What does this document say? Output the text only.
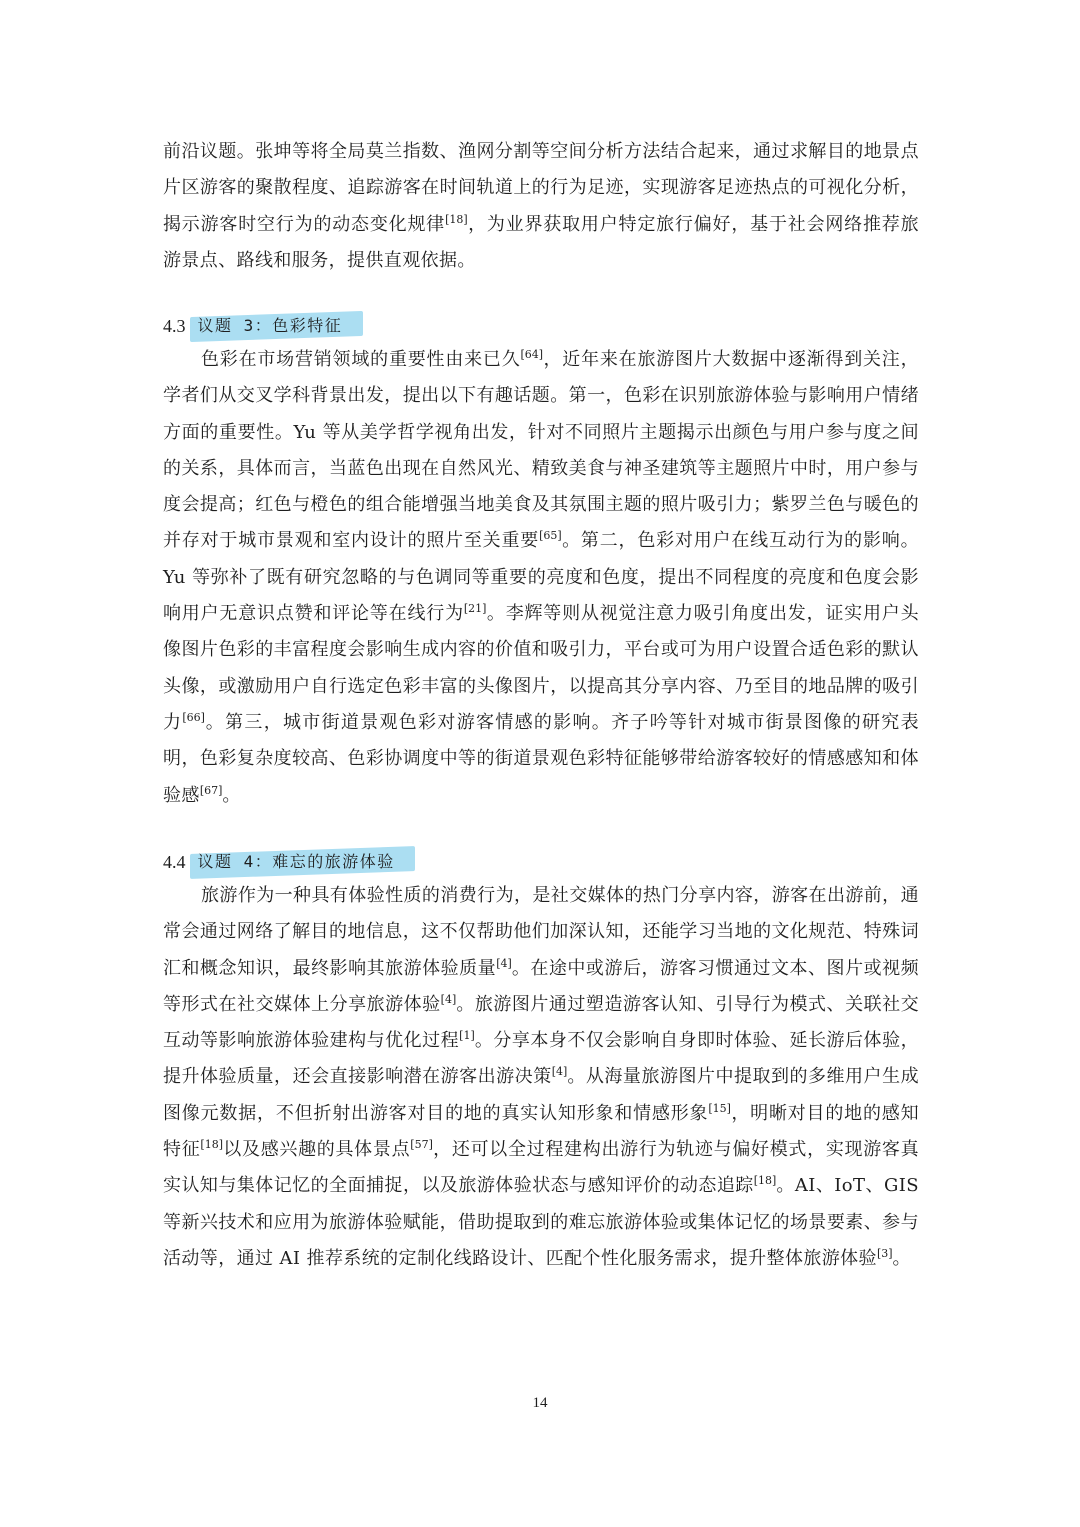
前沿议题。张坤等将全局莫兰指数、渔网分割等空间分析方法结合起来，通过求解目的地景点片区游客的聚散程度、追踪游客在时间轨道上的行为足迹，实现游客足迹热点的可视化分析，揭示游客时空行为的动态变化规律[18]，为业界获取用户特定旅行偏好，基于社会网络推荐旅游景点、路线和服务，提供直观依据。

4.3 议题 3：色彩特征

色彩在市场营销领域的重要性由来已久[64]，近年来在旅游图片大数据中逐渐得到关注，学者们从交叉学科背景出发，提出以下有趣话题。第一，色彩在识别旅游体验与影响用户情绪方面的重要性。Yu 等从美学哲学视角出发，针对不同照片主题揭示出颜色与用户参与度之间的关系，具体而言，当蓝色出现在自然风光、精致美食与神圣建筑等主题照片中时，用户参与度会提高；红色与橙色的组合能增强当地美食及其氛围主题的照片吸引力；紫罗兰色与暖色的并存对于城市景观和室内设计的照片至关重要[65]。第二，色彩对用户在线互动行为的影响。Yu 等弥补了既有研究忽略的与色调同等重要的亮度和色度，提出不同程度的亮度和色度会影响用户无意识点赞和评论等在线行为[21]。李辉等则从视觉注意力吸引角度出发，证实用户头像图片色彩的丰富程度会影响生成内容的价值和吸引力，平台或可为用户设置合适色彩的默认头像，或激励用户自行选定色彩丰富的头像图片，以提高其分享内容、乃至目的地品牌的吸引力[66]。第三，城市街道景观色彩对游客情感的影响。齐子吟等针对城市街景图像的研究表明，色彩复杂度较高、色彩协调度中等的街道景观色彩特征能够带给游客较好的情感感知和体验感[67]。

4.4 议题 4：难忘的旅游体验

旅游作为一种具有体验性质的消费行为，是社交媒体的热门分享内容，游客在出游前，通常会通过网络了解目的地信息，这不仅帮助他们加深认知，还能学习当地的文化规范、特殊词汇和概念知识，最终影响其旅游体验质量[4]。在途中或游后，游客习惯通过文本、图片或视频等形式在社交媒体上分享旅游体验[4]。旅游图片通过塑造游客认知、引导行为模式、关联社交互动等影响旅游体验建构与优化过程[1]。分享本身不仅会影响自身即时体验、延长游后体验，提升体验质量，还会直接影响潜在游客出游决策[4]。从海量旅游图片中提取到的多维用户生成图像元数据，不但折射出游客对目的地的真实认知形象和情感形象[15]，明晰对目的地的感知特征[18]以及感兴趣的具体景点[57]，还可以全过程建构出游行为轨迹与偏好模式，实现游客真实认知与集体记忆的全面捕捉，以及旅游体验状态与感知评价的动态追踪[18]。AI、IoT、GIS 等新兴技术和应用为旅游体验赋能，借助提取到的难忘旅游体验或集体记忆的场景要素、参与活动等，通过 AI 推荐系统的定制化线路设计、匹配个性化服务需求，提升整体旅游体验[3]。

14
